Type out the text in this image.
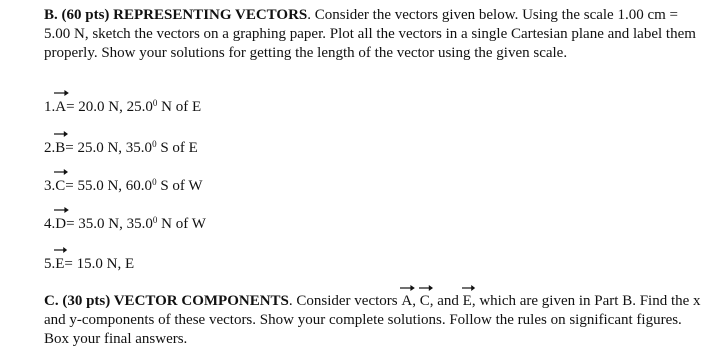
B. (60 pts) REPRESENTING VECTORS. Consider the vectors given below. Using the scale 1.00 cm = 5.00 N, sketch the vectors on a graphing paper. Plot all the vectors in a single Cartesian plane and label them properly. Show your solutions for getting the length of the vector using the given scale.
1.
A= 20.0 N, 25.0$^0$ N of E
2.
B= 25.0 N, 35.0$^0$ S of E
3.
C= 55.0 N, 60.0$^0$ S of W
4.
D= 35.0 N, 35.0$^0$ N of W
5.
E= 15.0 N, E
C. (30 pts) VECTOR COMPONENTS. Consider vectors
A,
C, and
E, which are given in Part B. Find the x and y-components of these vectors. Show your complete solutions. Follow the rules on significant figures. Box your final answers.
